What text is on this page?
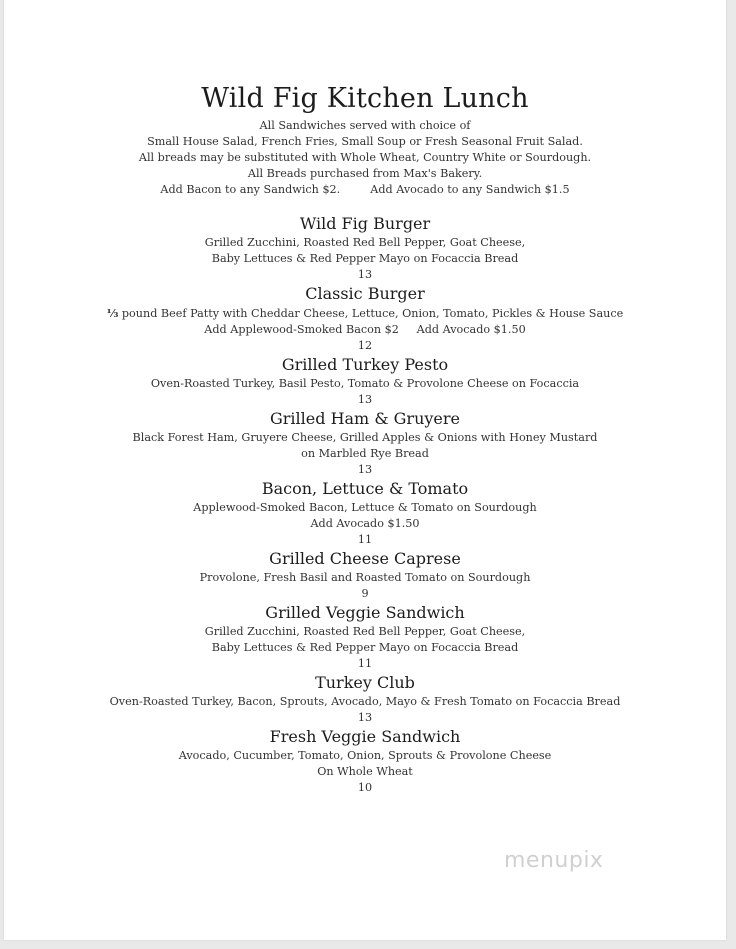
Wild Fig Kitchen Lunch
All Sandwiches served with choice of
Small House Salad, French Fries, Small Soup or Fresh Seasonal Fruit Salad.
All breads may be substituted with Whole Wheat, Country White or Sourdough.
All Breads purchased from Max's Bakery.
Add Bacon to any Sandwich $2.	Add Avocado to any Sandwich $1.5
Wild Fig Burger
Grilled Zucchini, Roasted Red Bell Pepper, Goat Cheese,
Baby Lettuces & Red Pepper Mayo on Focaccia Bread
13
Classic Burger
⅓ pound Beef Patty with Cheddar Cheese, Lettuce, Onion, Tomato, Pickles & House Sauce
Add Applewood-Smoked Bacon $2     Add Avocado $1.50
12
Grilled Turkey Pesto
Oven-Roasted Turkey, Basil Pesto, Tomato & Provolone Cheese on Focaccia
13
Grilled Ham & Gruyere
Black Forest Ham, Gruyere Cheese, Grilled Apples & Onions with Honey Mustard
on Marbled Rye Bread
13
Bacon, Lettuce & Tomato
Applewood-Smoked Bacon, Lettuce & Tomato on Sourdough
Add Avocado $1.50
11
Grilled Cheese Caprese
Provolone, Fresh Basil and Roasted Tomato on Sourdough
9
Grilled Veggie Sandwich
Grilled Zucchini, Roasted Red Bell Pepper, Goat Cheese,
Baby Lettuces & Red Pepper Mayo on Focaccia Bread
11
Turkey Club
Oven-Roasted Turkey, Bacon, Sprouts, Avocado, Mayo & Fresh Tomato on Focaccia Bread
13
Fresh Veggie Sandwich
Avocado, Cucumber, Tomato, Onion, Sprouts & Provolone Cheese
On Whole Wheat
10
menupix
